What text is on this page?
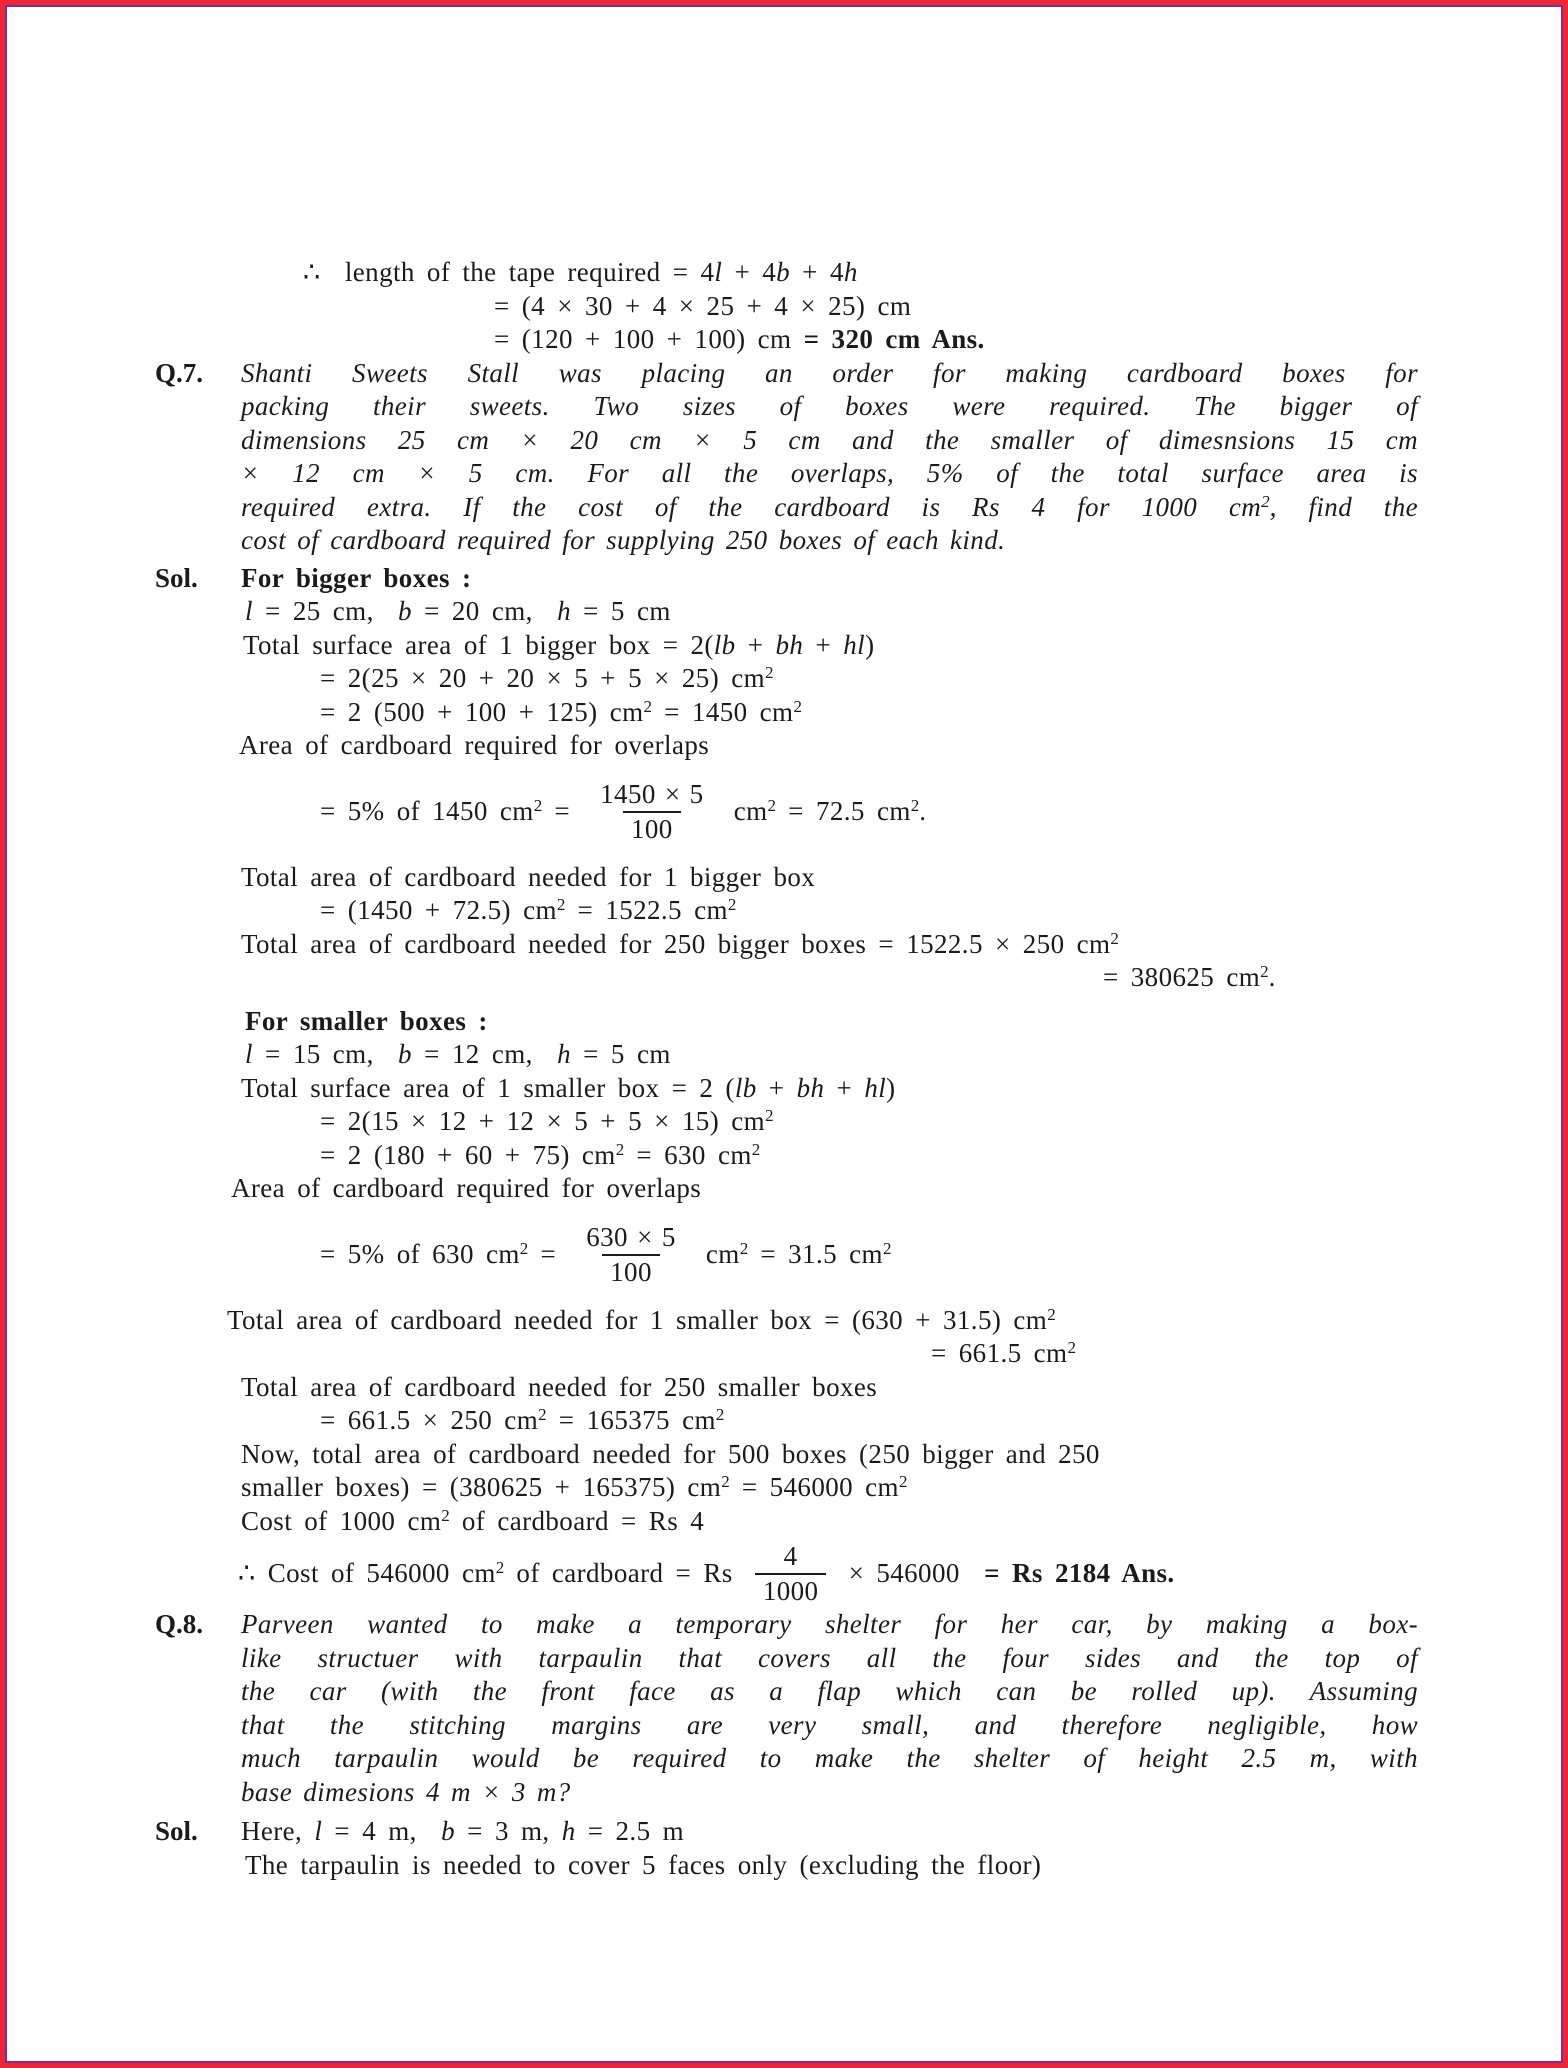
∴  length of the tape required = 4l + 4b + 4h
= (4 × 30 + 4 × 25 + 4 × 25) cm
= (120 + 100 + 100) cm = 320 cm Ans.
Q.7. Shanti Sweets Stall was placing an order for making cardboard boxes for
packing their sweets. Two sizes of boxes were required. The bigger of
dimensions 25 cm × 20 cm × 5 cm and the smaller of dimesnsions 15 cm
× 12 cm × 5 cm. For all the overlaps, 5% of the total surface area is
required extra. If the cost of the cardboard is Rs 4 for 1000 $cm^2$, find the
cost of cardboard required for supplying 250 boxes of each kind.
Sol. For bigger boxes :
l = 25 cm,  b = 20 cm,  h = 5 cm
Total surface area of 1 bigger box = 2(lb + bh + hl)
= 2(25 × 20 + 20 × 5 + 5 × 25) $cm^2$
= 2 (500 + 100 + 125) $cm^2 = 1450$ $cm^2$
Area of cardboard required for overlaps
= 5% of 1450 $cm^2 = \frac{1450 \times 5}{100} cm^2 = 72.5$ $cm^2$.
Total area of cardboard needed for 1 bigger box
= (1450 + 72.5) $cm^2 = 1522.5$ $cm^2$
Total area of cardboard needed for 250 bigger boxes = 1522.5 × 250 $cm^2$
= 380625 $cm^2$.
For smaller boxes :
l = 15 cm,  b = 12 cm,  h = 5 cm
Total surface area of 1 smaller box = 2 (lb + bh + hl)
= 2(15 × 12 + 12 × 5 + 5 × 15) $cm^2$
= 2 (180 + 60 + 75) $cm^2 = 630$ $cm^2$
Area of cardboard required for overlaps
= 5% of 630 $cm^2 = \frac{630 \times 5}{100} cm^2 = 31.5$ $cm^2$
Total area of cardboard needed for 1 smaller box = (630 + 31.5) $cm^2$
= 661.5 $cm^2$
Total area of cardboard needed for 250 smaller boxes
= 661.5 × 250 $cm^2 = 165375$ $cm^2$
Now, total area of cardboard needed for 500 boxes (250 bigger and 250
smaller boxes) = (380625 + 165375) $cm^2 = 546000$ $cm^2$
Cost of 1000 $cm^2$ of cardboard = Rs 4
∴ Cost of 546000 $cm^2$ of cardboard = Rs $\frac{4}{1000} \times 546000 = Rs$ 2184 Ans.
Q.8. Parveen wanted to make a temporary shelter for her car, by making a box-
like structuer with tarpaulin that covers all the four sides and the top of
the car (with the front face as a flap which can be rolled up). Assuming
that the stitching margins are very small, and therefore negligible, how
much tarpaulin would be required to make the shelter of height 2.5 m, with
base dimesions 4 m × 3 m?
Sol. Here, l = 4 m,  b = 3 m, h = 2.5 m
The tarpaulin is needed to cover 5 faces only (excluding the floor)
